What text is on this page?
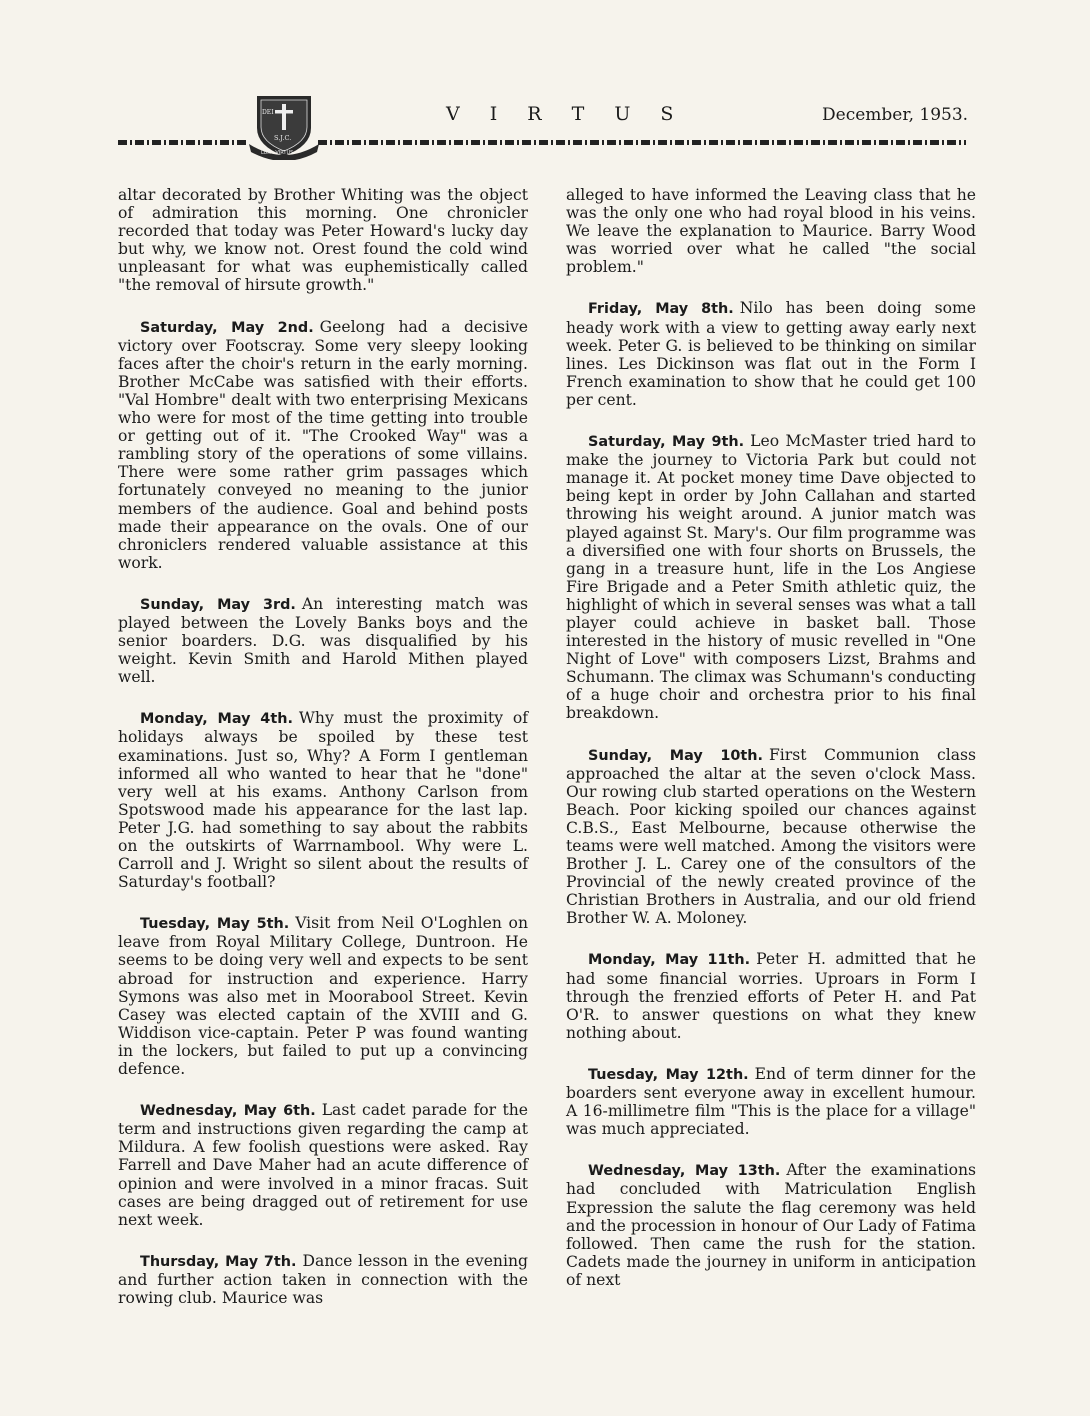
DEI
S.J.C.
LUX · VIRTUS
V I R T U S	December, 1953.

altar decorated by Brother Whiting was the object of admiration this morning. One chronicler recorded that today was Peter Howard's lucky day but why, we know not. Orest found the cold wind unpleasant for what was euphemistically called "the removal of hirsute growth."

Saturday, May 2nd. Geelong had a decisive victory over Footscray. Some very sleepy looking faces after the choir's return in the early morning. Brother McCabe was satisfied with their efforts. "Val Hombre" dealt with two enterprising Mexicans who were for most of the time getting into trouble or getting out of it. "The Crooked Way" was a rambling story of the operations of some villains. There were some rather grim passages which fortunately conveyed no meaning to the junior members of the audience. Goal and behind posts made their appearance on the ovals. One of our chroniclers rendered valuable assistance at this work.

Sunday, May 3rd. An interesting match was played between the Lovely Banks boys and the senior boarders. D.G. was disqualified by his weight. Kevin Smith and Harold Mithen played well.

Monday, May 4th. Why must the proximity of holidays always be spoiled by these test examinations. Just so, Why? A Form I gentleman informed all who wanted to hear that he "done" very well at his exams. Anthony Carlson from Spotswood made his appearance for the last lap. Peter J.G. had something to say about the rabbits on the outskirts of Warrnambool. Why were L. Carroll and J. Wright so silent about the results of Saturday's football?

Tuesday, May 5th. Visit from Neil O'Loghlen on leave from Royal Military College, Duntroon. He seems to be doing very well and expects to be sent abroad for instruction and experience. Harry Symons was also met in Moorabool Street. Kevin Casey was elected captain of the XVIII and G. Widdison vice-captain. Peter P was found wanting in the lockers, but failed to put up a convincing defence.

Wednesday, May 6th. Last cadet parade for the term and instructions given regarding the camp at Mildura. A few foolish questions were asked. Ray Farrell and Dave Maher had an acute difference of opinion and were involved in a minor fracas. Suit cases are being dragged out of retirement for use next week.

Thursday, May 7th. Dance lesson in the evening and further action taken in connection with the rowing club. Maurice was

alleged to have informed the Leaving class that he was the only one who had royal blood in his veins. We leave the explanation to Maurice. Barry Wood was worried over what he called "the social problem."

Friday, May 8th. Nilo has been doing some heady work with a view to getting away early next week. Peter G. is believed to be thinking on similar lines. Les Dickinson was flat out in the Form I French examination to show that he could get 100 per cent.

Saturday, May 9th. Leo McMaster tried hard to make the journey to Victoria Park but could not manage it. At pocket money time Dave objected to being kept in order by John Callahan and started throwing his weight around. A junior match was played against St. Mary's. Our film programme was a diversified one with four shorts on Brussels, the gang in a treasure hunt, life in the Los Angiese Fire Brigade and a Peter Smith athletic quiz, the highlight of which in several senses was what a tall player could achieve in basket ball. Those interested in the history of music revelled in "One Night of Love" with composers Lizst, Brahms and Schumann. The climax was Schumann's conducting of a huge choir and orchestra prior to his final breakdown.

Sunday, May 10th. First Communion class approached the altar at the seven o'clock Mass. Our rowing club started operations on the Western Beach. Poor kicking spoiled our chances against C.B.S., East Melbourne, because otherwise the teams were well matched. Among the visitors were Brother J. L. Carey one of the consultors of the Provincial of the newly created province of the Christian Brothers in Australia, and our old friend Brother W. A. Moloney.

Monday, May 11th. Peter H. admitted that he had some financial worries. Uproars in Form I through the frenzied efforts of Peter H. and Pat O'R. to answer questions on what they knew nothing about.

Tuesday, May 12th. End of term dinner for the boarders sent everyone away in excellent humour. A 16-millimetre film "This is the place for a village" was much appreciated.

Wednesday, May 13th. After the examinations had concluded with Matriculation English Expression the salute the flag ceremony was held and the procession in honour of Our Lady of Fatima followed. Then came the rush for the station. Cadets made the journey in uniform in anticipation of next
